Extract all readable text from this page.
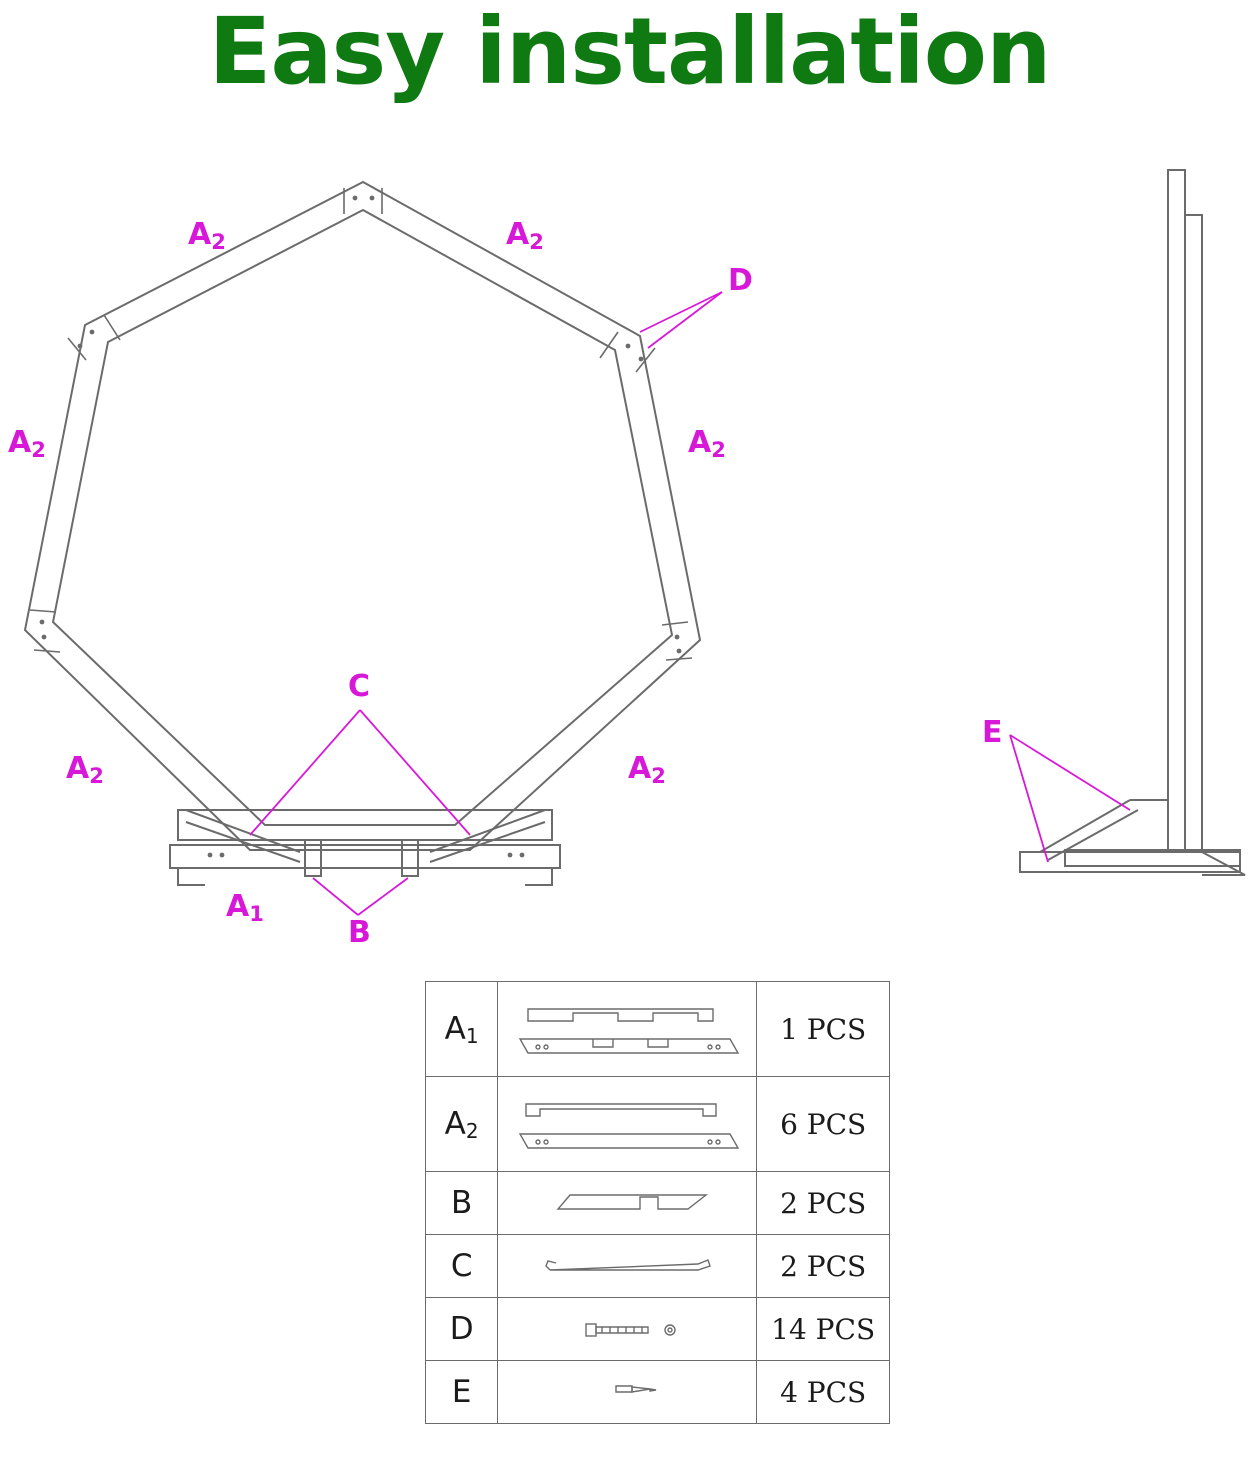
Easy installation
A2	A2
D
A2	A2
C
A2	A2
A1
B
E
A1		1 PCS
A2		6 PCS
B		2 PCS
C		2 PCS
D		14 PCS
E		4 PCS
